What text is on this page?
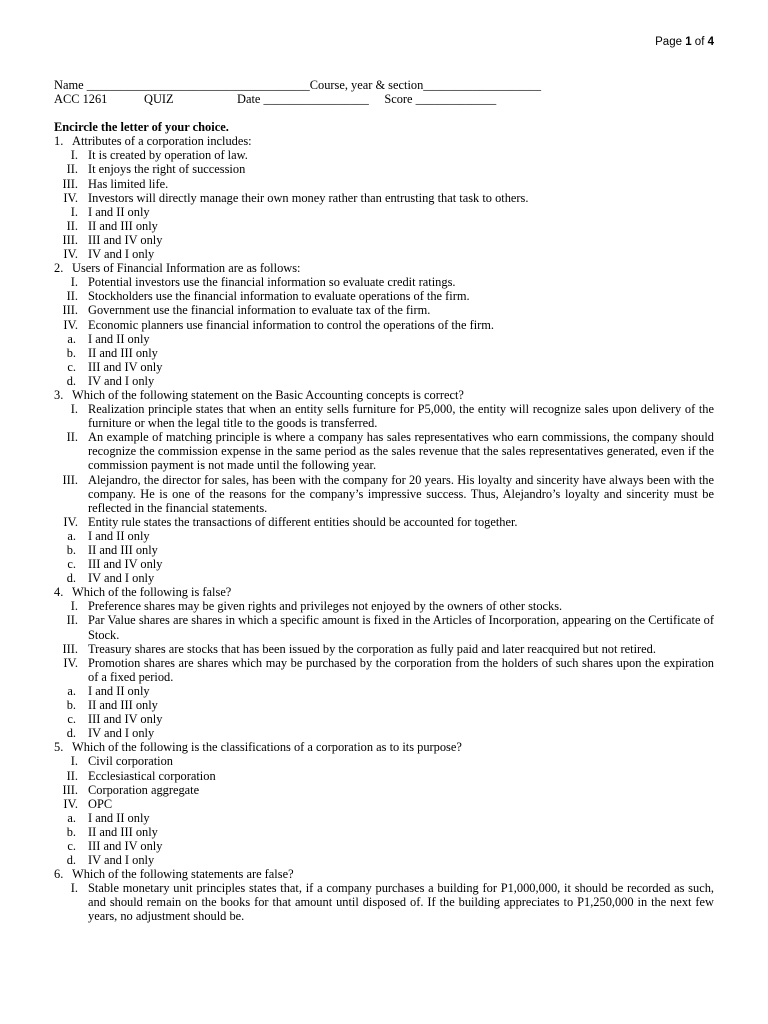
Page 1 of 4
Name
____________________________________ Course, year & section ___________________
ACC 1261	QUIZ	Date
_________________
Score
_____________
Encircle the letter of your choice.
1. Attributes of a corporation includes:
I. It is created by operation of law.
II. It enjoys the right of succession
III. Has limited life.
IV. Investors will directly manage their own money rather than entrusting that task to others.
I. I and II only
II. II and III only
III. III and IV only
IV. IV and I only
2. Users of Financial Information are as follows:
I. Potential investors use the financial information so evaluate credit ratings.
II. Stockholders use the financial information to evaluate operations of the firm.
III. Government use the financial information to evaluate tax of the firm.
IV. Economic planners use financial information to control the operations of the firm.
a. I and II only
b. II and III only
c. III and IV only
d. IV and I only
3. Which of the following statement on the Basic Accounting concepts is correct?
I. Realization principle states that when an entity sells furniture for P5,000, the entity will recognize sales upon delivery of the furniture or when the legal title to the goods is transferred.
II. An example of matching principle is where a company has sales representatives who earn commissions, the company should recognize the commission expense in the same period as the sales revenue that the sales representatives generated, even if the commission payment is not made until the following year.
III. Alejandro, the director for sales, has been with the company for 20 years. His loyalty and sincerity have always been with the company. He is one of the reasons for the company’s impressive success. Thus, Alejandro’s loyalty and sincerity must be reflected in the financial statements.
IV. Entity rule states the transactions of different entities should be accounted for together.
a. I and II only
b. II and III only
c. III and IV only
d. IV and I only
4. Which of the following is false?
I. Preference shares may be given rights and privileges not enjoyed by the owners of other stocks.
II. Par Value shares are shares in which a specific amount is fixed in the Articles of Incorporation, appearing on the Certificate of Stock.
III. Treasury shares are stocks that has been issued by the corporation as fully paid and later reacquired but not retired.
IV. Promotion shares are shares which may be purchased by the corporation from the holders of such shares upon the expiration of a fixed period.
a. I and II only
b. II and III only
c. III and IV only
d. IV and I only
5. Which of the following is the classifications of a corporation as to its purpose?
I. Civil corporation
II. Ecclesiastical corporation
III. Corporation aggregate
IV. OPC
a. I and II only
b. II and III only
c. III and IV only
d. IV and I only
6. Which of the following statements are false?
I. Stable monetary unit principles states that, if a company purchases a building for P1,000,000, it should be recorded as such, and should remain on the books for that amount until disposed of. If the building appreciates to P1,250,000 in the next few years, no adjustment should be.
